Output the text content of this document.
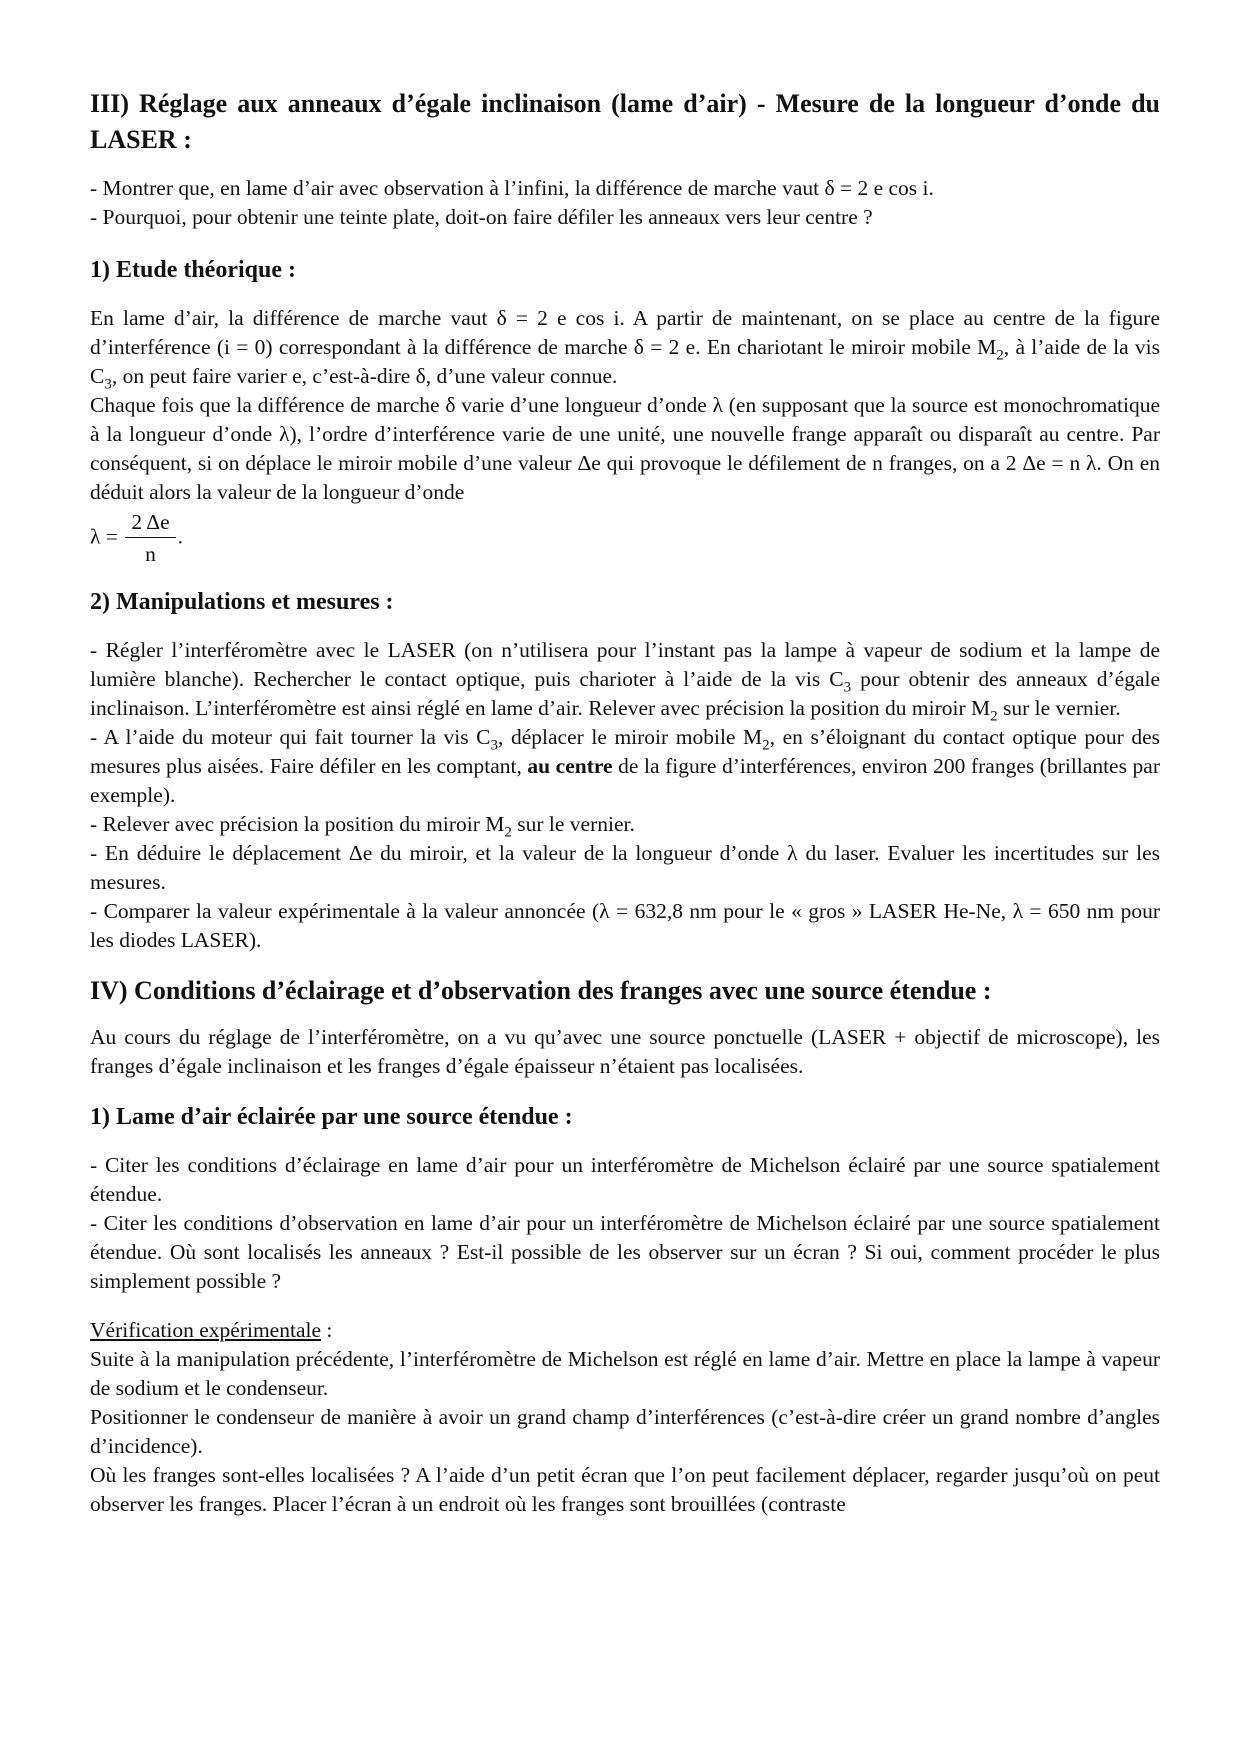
III) Réglage aux anneaux d’égale inclinaison (lame d’air) - Mesure de la longueur d’onde du LASER :

- Montrer que, en lame d’air avec observation à l’infini, la différence de marche vaut δ = 2 e cos i.

- Pourquoi, pour obtenir une teinte plate, doit-on faire défiler les anneaux vers leur centre ?

1) Etude théorique :

En lame d’air, la différence de marche vaut δ = 2 e cos i. A partir de maintenant, on se place au centre de la figure d’interférence (i = 0) correspondant à la différence de marche δ = 2 e. En chariotant le miroir mobile $M_2$, à l’aide de la vis $C_3$, on peut faire varier e, c’est-à-dire δ, d’une valeur connue.

Chaque fois que la différence de marche δ varie d’une longueur d’onde λ (en supposant que la source est monochromatique à la longueur d’onde λ), l’ordre d’interférence varie de une unité, une nouvelle frange apparaît ou disparaît au centre. Par conséquent, si on déplace le miroir mobile d’une valeur Δe qui provoque le défilement de n franges, on a 2 Δe = n λ. On en déduit alors la valeur de la longueur d’onde

$\lambda = \frac{2 \Delta e}{n}$ .

2) Manipulations et mesures :

- Régler l’interféromètre avec le LASER (on n’utilisera pour l’instant pas la lampe à vapeur de sodium et la lampe de lumière blanche). Rechercher le contact optique, puis charioter à l’aide de la vis $C_3$ pour obtenir des anneaux d’égale inclinaison. L’interféromètre est ainsi réglé en lame d’air. Relever avec précision la position du miroir $M_2$ sur le vernier.

- A l’aide du moteur qui fait tourner la vis $C_3$, déplacer le miroir mobile $M_2$, en s’éloignant du contact optique pour des mesures plus aisées. Faire défiler en les comptant, au centre de la figure d’interférences, environ 200 franges (brillantes par exemple).

- Relever avec précision la position du miroir $M_2$ sur le vernier.

- En déduire le déplacement Δe du miroir, et la valeur de la longueur d’onde λ du laser. Evaluer les incertitudes sur les mesures.

- Comparer la valeur expérimentale à la valeur annoncée (λ = 632,8 nm pour le « gros » LASER He-Ne, λ = 650 nm pour les diodes LASER).

IV) Conditions d’éclairage et d’observation des franges avec une source étendue :

Au cours du réglage de l’interféromètre, on a vu qu’avec une source ponctuelle (LASER + objectif de microscope), les franges d’égale inclinaison et les franges d’égale épaisseur n’étaient pas localisées.

1) Lame d’air éclairée par une source étendue :

- Citer les conditions d’éclairage en lame d’air pour un interféromètre de Michelson éclairé par une source spatialement étendue.

- Citer les conditions d’observation en lame d’air pour un interféromètre de Michelson éclairé par une source spatialement étendue. Où sont localisés les anneaux ? Est-il possible de les observer sur un écran ? Si oui, comment procéder le plus simplement possible ?

Vérification expérimentale :

Suite à la manipulation précédente, l’interféromètre de Michelson est réglé en lame d’air. Mettre en place la lampe à vapeur de sodium et le condenseur.

Positionner le condenseur de manière à avoir un grand champ d’interférences (c’est-à-dire créer un grand nombre d’angles d’incidence).

Où les franges sont-elles localisées ? A l’aide d’un petit écran que l’on peut facilement déplacer, regarder jusqu’où on peut observer les franges. Placer l’écran à un endroit où les franges sont brouillées (contraste
